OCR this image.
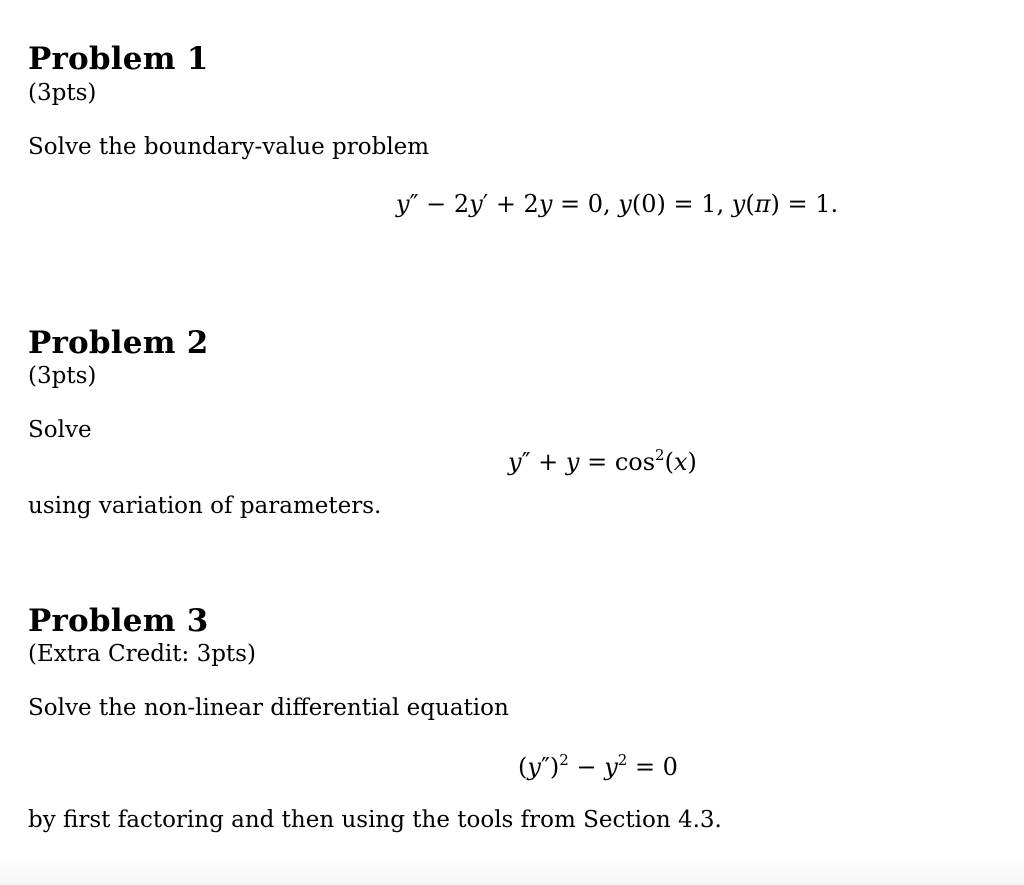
Problem 1
(3pts)
Solve the boundary-value problem
y″ − 2y′ + 2y = 0, y(0) = 1, y(π) = 1.
Problem 2
(3pts)
Solve
$y'' + y = \cos^2(x)$
using variation of parameters.
Problem 3
(Extra Credit: 3pts)
Solve the non-linear differential equation
$(y'')^2 - y^2 = 0$
by first factoring and then using the tools from Section 4.3.
